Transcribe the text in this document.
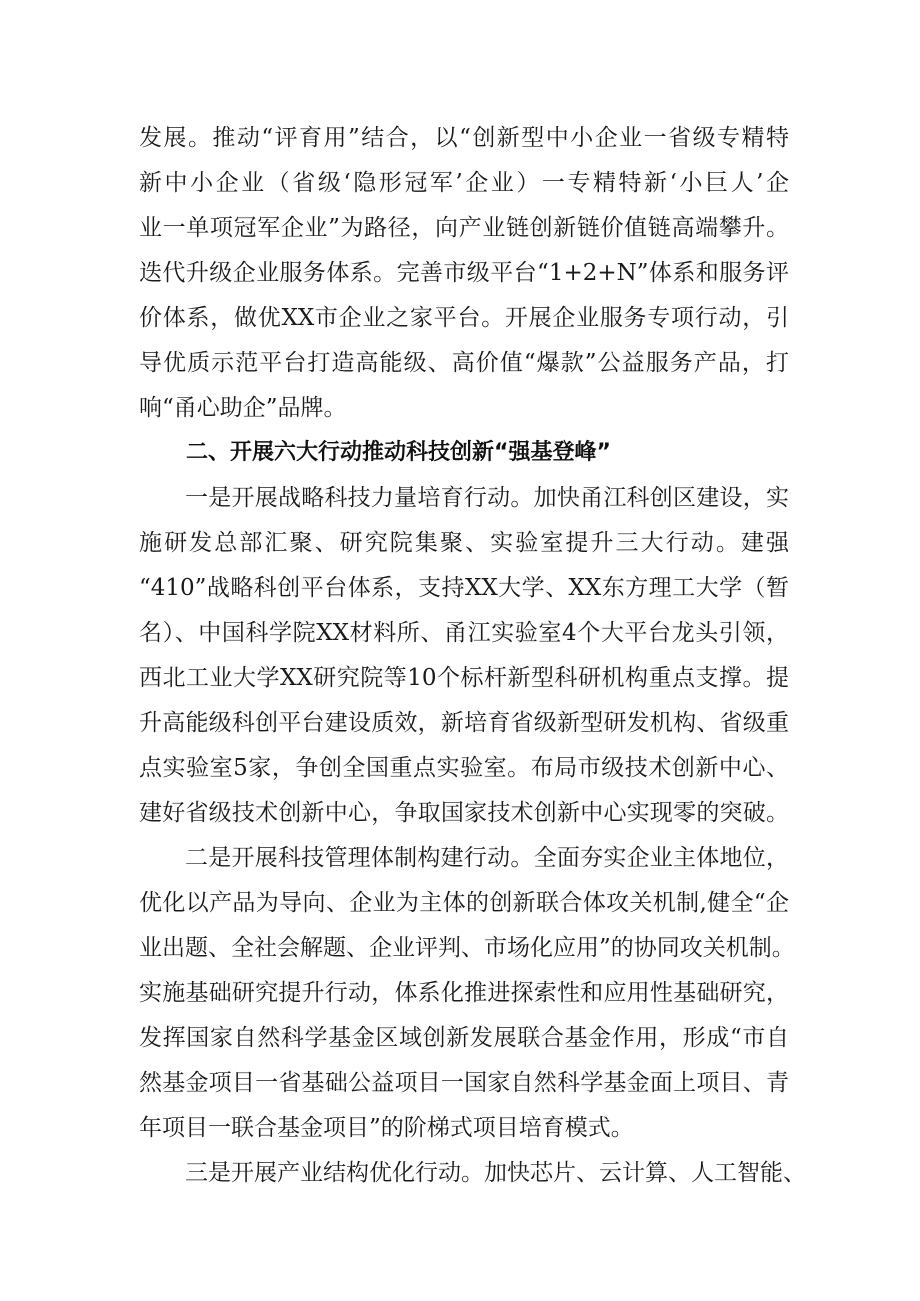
发展。推动“评育用”结合，以“创新型中小企业一省级专精特
新中小企业（省级‘隐形冠军’企业）一专精特新‘小巨人’企
业一单项冠军企业”为路径，向产业链创新链价值链高端攀升。
迭代升级企业服务体系。完善市级平台“1+2+N”体系和服务评
价体系，做优XX市企业之家平台。开展企业服务专项行动，引
导优质示范平台打造高能级、高价值“爆款”公益服务产品，打
响“甬心助企”品牌。
二、开展六大行动推动科技创新“强基登峰”
一是开展战略科技力量培育行动。加快甬江科创区建设，实
施研发总部汇聚、研究院集聚、实验室提升三大行动。建强
“410”战略科创平台体系，支持XX大学、XX东方理工大学（暂
名）、中国科学院XX材料所、甬江实验室4个大平台龙头引领，
西北工业大学XX研究院等10个标杆新型科研机构重点支撑。提
升高能级科创平台建设质效，新培育省级新型研发机构、省级重
点实验室5家，争创全国重点实验室。布局市级技术创新中心、
建好省级技术创新中心，争取国家技术创新中心实现零的突破。
二是开展科技管理体制构建行动。全面夯实企业主体地位，
优化以产品为导向、企业为主体的创新联合体攻关机制,健全“企
业出题、全社会解题、企业评判、市场化应用”的协同攻关机制。
实施基础研究提升行动，体系化推进探索性和应用性基础研究，
发挥国家自然科学基金区域创新发展联合基金作用，形成“市自
然基金项目一省基础公益项目一国家自然科学基金面上项目、青
年项目一联合基金项目”的阶梯式项目培育模式。
三是开展产业结构优化行动。加快芯片、云计算、人工智能、
